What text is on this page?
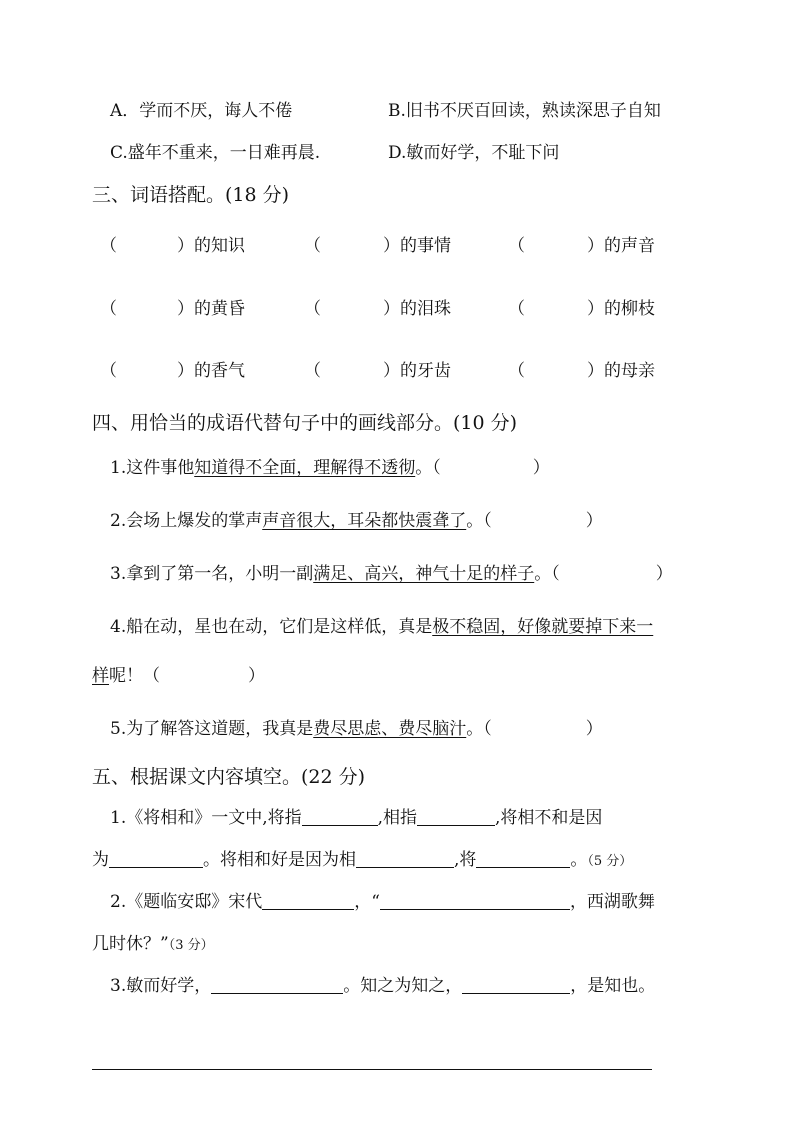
A．学而不厌，诲人不倦	B.旧书不厌百回读，熟读深思子自知
C.盛年不重来，一日难再晨.	D.敏而好学，不耻下问
三、词语搭配。(18 分)
（	）的知识	（	）的事情	（	）的声音
（	）的黄昏	（	）的泪珠	（	）的柳枝
（	）的香气	（	）的牙齿	（	）的母亲
四、用恰当的成语代替句子中的画线部分。(10 分)
1.这件事他知道得不全面，理解得不透彻。（	）
2.会场上爆发的掌声声音很大，耳朵都快震聋了。（	）
3.拿到了第一名，小明一副满足、高兴，神气十足的样子。（	）
4.船在动，星也在动，它们是这样低，真是极不稳固，好像就要掉下来一
样呢！（	）
5.为了解答这道题，我真是费尽思虑、费尽脑汁。（	）
五、根据课文内容填空。(22 分)
1.《将相和》一文中,将指	,相指	,将相不和是因
为	。将相和好是因为相	,将	。（5 分）
2.《题临安邸》宋代	，“	，西湖歌舞
几时休？”（3 分）
3.敏而好学，	。知之为知之，	，是知也。
